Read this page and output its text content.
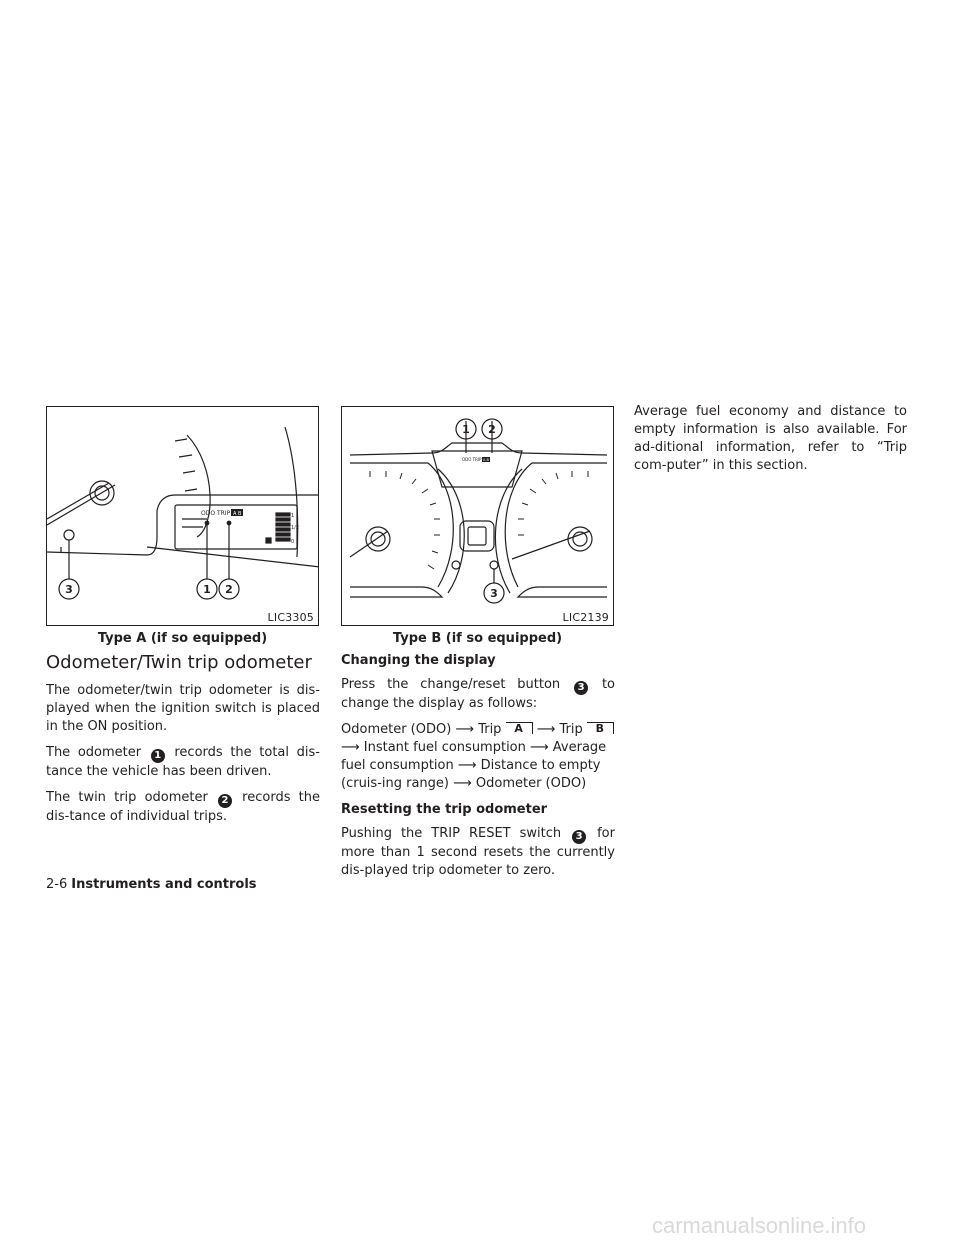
ODO TRIP A B	1
1/2
0
3	1 2
LIC3305
Type A (if so equipped)
ODO TRIP A B
1 2
3
LIC2139
Type B (if so equipped)
Odometer/Twin trip odometer

The odometer/twin trip odometer is dis-played when the ignition switch is placed in the ON position.

The odometer 1 records the total dis-tance the vehicle has been driven.

The twin trip odometer 2 records the dis-tance of individual trips.

Changing the display

Press the change/reset button 3 to change the display as follows:

Odometer (ODO) ⟶ Trip A ⟶ Trip B ⟶ Instant fuel consumption ⟶ Average fuel consumption ⟶ Distance to empty (cruis-ing range) ⟶ Odometer (ODO)

Resetting the trip odometer

Pushing the TRIP RESET switch 3 for more than 1 second resets the currently dis-played trip odometer to zero.

Average fuel economy and distance to empty information is also available. For ad-ditional information, refer to “Trip com-puter” in this section.

2-6 Instruments and controls
carmanualsonline.info
